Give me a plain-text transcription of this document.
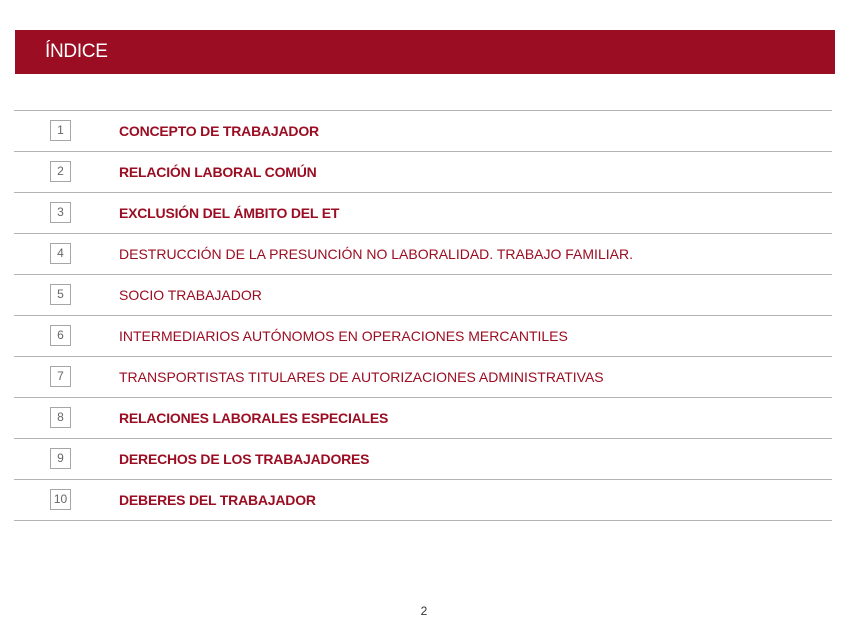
ÍNDICE
1	CONCEPTO DE TRABAJADOR
2	RELACIÓN LABORAL COMÚN
3	EXCLUSIÓN DEL ÁMBITO DEL ET
4	DESTRUCCIÓN DE LA PRESUNCIÓN NO LABORALIDAD. TRABAJO FAMILIAR.
5	SOCIO TRABAJADOR
6	INTERMEDIARIOS AUTÓNOMOS EN OPERACIONES MERCANTILES
7	TRANSPORTISTAS TITULARES DE AUTORIZACIONES ADMINISTRATIVAS
8	RELACIONES LABORALES ESPECIALES
9	DERECHOS DE LOS TRABAJADORES
10	DEBERES DEL TRABAJADOR
2
